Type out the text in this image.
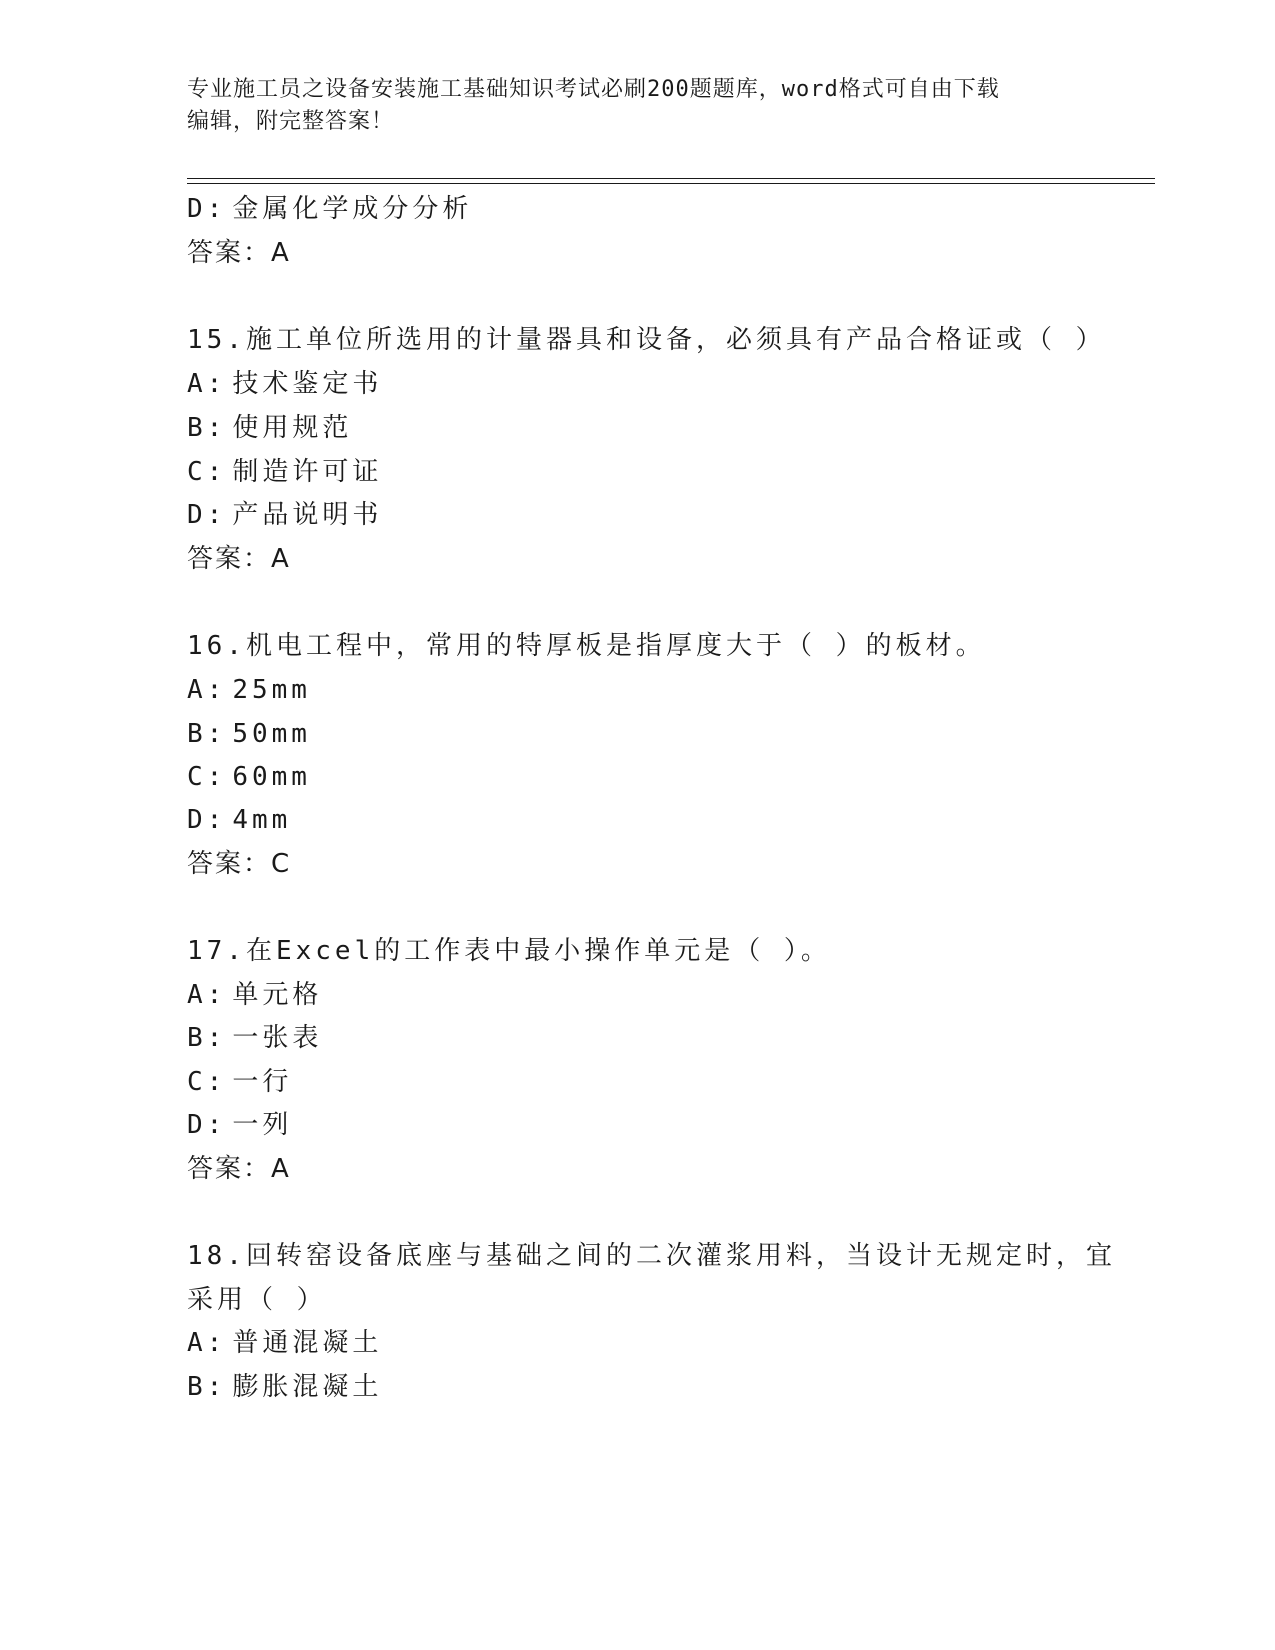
专业施工员之设备安装施工基础知识考试必刷200题题库，word格式可自由下载
编辑，附完整答案！
D: 金属化学成分分析
答案：A
15.施工单位所选用的计量器具和设备，必须具有产品合格证或（ ）
A: 技术鉴定书
B: 使用规范
C: 制造许可证
D: 产品说明书
答案：A
16.机电工程中，常用的特厚板是指厚度大于（ ）的板材。
A: 25mm
B: 50mm
C: 60mm
D: 4mm
答案：C
17.在Excel的工作表中最小操作单元是（ ）。
A: 单元格
B: 一张表
C: 一行
D: 一列
答案：A
18.回转窑设备底座与基础之间的二次灌浆用料，当设计无规定时，宜
采用（ ）
A: 普通混凝土
B: 膨胀混凝土
